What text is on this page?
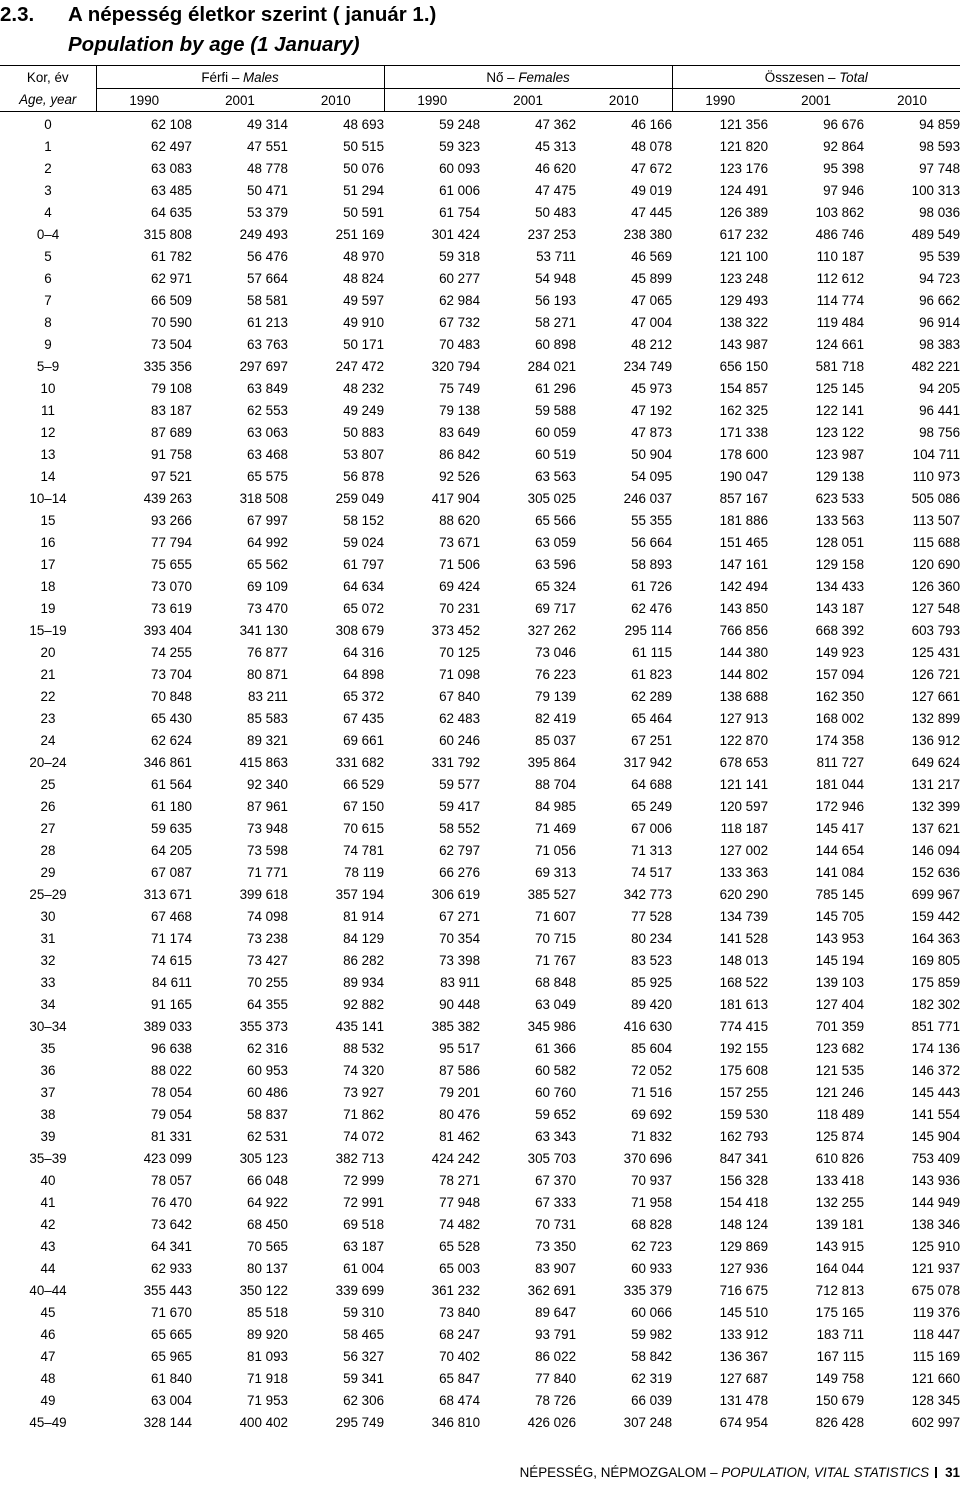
2.3. A népesség életkor szerint ( január 1.)
Population by age (1 January)
Kor, év	Férfi – Males			Nő – Females			Összesen – Total		
Age, year	1990	2001	2010	1990	2001	2010	1990	2001	2010
0	62 108	49 314	48 693	59 248	47 362	46 166	121 356	96 676	94 859
1	62 497	47 551	50 515	59 323	45 313	48 078	121 820	92 864	98 593
2	63 083	48 778	50 076	60 093	46 620	47 672	123 176	95 398	97 748
3	63 485	50 471	51 294	61 006	47 475	49 019	124 491	97 946	100 313
4	64 635	53 379	50 591	61 754	50 483	47 445	126 389	103 862	98 036
0–4	315 808	249 493	251 169	301 424	237 253	238 380	617 232	486 746	489 549
5	61 782	56 476	48 970	59 318	53 711	46 569	121 100	110 187	95 539
6	62 971	57 664	48 824	60 277	54 948	45 899	123 248	112 612	94 723
7	66 509	58 581	49 597	62 984	56 193	47 065	129 493	114 774	96 662
8	70 590	61 213	49 910	67 732	58 271	47 004	138 322	119 484	96 914
9	73 504	63 763	50 171	70 483	60 898	48 212	143 987	124 661	98 383
5–9	335 356	297 697	247 472	320 794	284 021	234 749	656 150	581 718	482 221
10	79 108	63 849	48 232	75 749	61 296	45 973	154 857	125 145	94 205
11	83 187	62 553	49 249	79 138	59 588	47 192	162 325	122 141	96 441
12	87 689	63 063	50 883	83 649	60 059	47 873	171 338	123 122	98 756
13	91 758	63 468	53 807	86 842	60 519	50 904	178 600	123 987	104 711
14	97 521	65 575	56 878	92 526	63 563	54 095	190 047	129 138	110 973
10–14	439 263	318 508	259 049	417 904	305 025	246 037	857 167	623 533	505 086
15	93 266	67 997	58 152	88 620	65 566	55 355	181 886	133 563	113 507
16	77 794	64 992	59 024	73 671	63 059	56 664	151 465	128 051	115 688
17	75 655	65 562	61 797	71 506	63 596	58 893	147 161	129 158	120 690
18	73 070	69 109	64 634	69 424	65 324	61 726	142 494	134 433	126 360
19	73 619	73 470	65 072	70 231	69 717	62 476	143 850	143 187	127 548
15–19	393 404	341 130	308 679	373 452	327 262	295 114	766 856	668 392	603 793
20	74 255	76 877	64 316	70 125	73 046	61 115	144 380	149 923	125 431
21	73 704	80 871	64 898	71 098	76 223	61 823	144 802	157 094	126 721
22	70 848	83 211	65 372	67 840	79 139	62 289	138 688	162 350	127 661
23	65 430	85 583	67 435	62 483	82 419	65 464	127 913	168 002	132 899
24	62 624	89 321	69 661	60 246	85 037	67 251	122 870	174 358	136 912
20–24	346 861	415 863	331 682	331 792	395 864	317 942	678 653	811 727	649 624
25	61 564	92 340	66 529	59 577	88 704	64 688	121 141	181 044	131 217
26	61 180	87 961	67 150	59 417	84 985	65 249	120 597	172 946	132 399
27	59 635	73 948	70 615	58 552	71 469	67 006	118 187	145 417	137 621
28	64 205	73 598	74 781	62 797	71 056	71 313	127 002	144 654	146 094
29	67 087	71 771	78 119	66 276	69 313	74 517	133 363	141 084	152 636
25–29	313 671	399 618	357 194	306 619	385 527	342 773	620 290	785 145	699 967
30	67 468	74 098	81 914	67 271	71 607	77 528	134 739	145 705	159 442
31	71 174	73 238	84 129	70 354	70 715	80 234	141 528	143 953	164 363
32	74 615	73 427	86 282	73 398	71 767	83 523	148 013	145 194	169 805
33	84 611	70 255	89 934	83 911	68 848	85 925	168 522	139 103	175 859
34	91 165	64 355	92 882	90 448	63 049	89 420	181 613	127 404	182 302
30–34	389 033	355 373	435 141	385 382	345 986	416 630	774 415	701 359	851 771
35	96 638	62 316	88 532	95 517	61 366	85 604	192 155	123 682	174 136
36	88 022	60 953	74 320	87 586	60 582	72 052	175 608	121 535	146 372
37	78 054	60 486	73 927	79 201	60 760	71 516	157 255	121 246	145 443
38	79 054	58 837	71 862	80 476	59 652	69 692	159 530	118 489	141 554
39	81 331	62 531	74 072	81 462	63 343	71 832	162 793	125 874	145 904
35–39	423 099	305 123	382 713	424 242	305 703	370 696	847 341	610 826	753 409
40	78 057	66 048	72 999	78 271	67 370	70 937	156 328	133 418	143 936
41	76 470	64 922	72 991	77 948	67 333	71 958	154 418	132 255	144 949
42	73 642	68 450	69 518	74 482	70 731	68 828	148 124	139 181	138 346
43	64 341	70 565	63 187	65 528	73 350	62 723	129 869	143 915	125 910
44	62 933	80 137	61 004	65 003	83 907	60 933	127 936	164 044	121 937
40–44	355 443	350 122	339 699	361 232	362 691	335 379	716 675	712 813	675 078
45	71 670	85 518	59 310	73 840	89 647	60 066	145 510	175 165	119 376
46	65 665	89 920	58 465	68 247	93 791	59 982	133 912	183 711	118 447
47	65 965	81 093	56 327	70 402	86 022	58 842	136 367	167 115	115 169
48	61 840	71 918	59 341	65 847	77 840	62 319	127 687	149 758	121 660
49	63 004	71 953	62 306	68 474	78 726	66 039	131 478	150 679	128 345
45–49	328 144	400 402	295 749	346 810	426 026	307 248	674 954	826 428	602 997
NÉPESSÉG, NÉPMOZGALOM – POPULATION, VITAL STATISTICS 31
